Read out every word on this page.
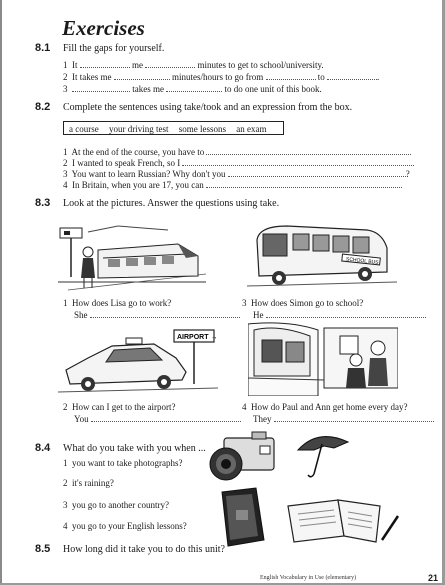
Exercises
8.1 Fill the gaps for yourself.
1 It	me	minutes to get to school/university.
2 It takes me	minutes/hours to go from	to	.
3	takes me	to do one unit of this book.
8.2 Complete the sentences using take/took and an expression from the box.
a course your driving test some lessons an exam
1 At the end of the course, you have to
2 I wanted to speak French, so I
3 You want to learn Russian? Why don't you	?
4 In Britain, when you are 17, you can
8.3 Look at the pictures. Answer the questions using take.
SCHOOL BUS
1 How does Lisa go to work?
She
3 How does Simon go to school?
He
AIRPORT →
2 How can I get to the airport?
You
4 How do Paul and Ann get home every day?
They
8.4 What do you take with you when ...
1 you want to take photographs?
2 it's raining?
3 you go to another country?
4 you go to your English lessons?
8.5 How long did it take you to do this unit?
English Vocabulary in Use (elementary)	21
